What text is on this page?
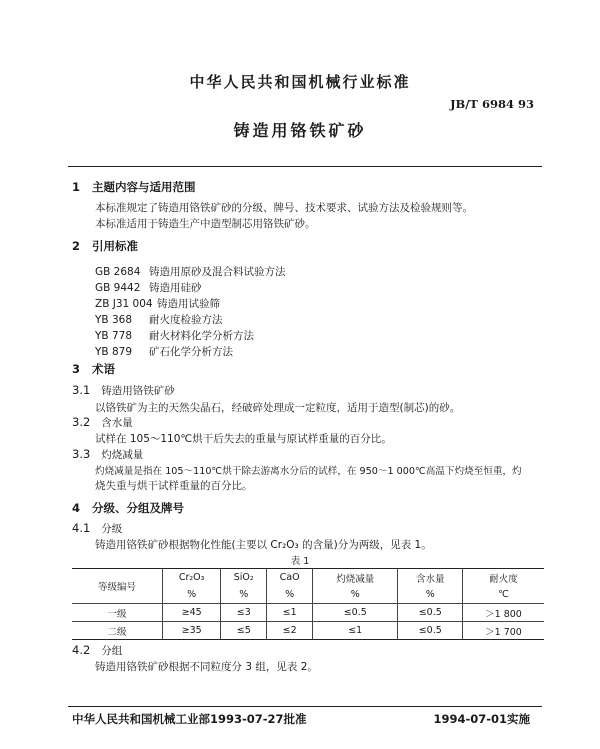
中华人民共和国机械行业标准
JB/T 6984 93
铸造用铬铁矿砂
1 主题内容与适用范围
本标准规定了铸造用铬铁矿砂的分级、牌号、技术要求、试验方法及检验规则等。
本标准适用于铸造生产中造型制芯用铬铁矿砂。
2 引用标准
GB 2684 铸造用原砂及混合料试验方法
GB 9442 铸造用硅砂
ZB J31 004 铸造用试验筛
YB 368 耐火度检验方法
YB 778 耐火材料化学分析方法
YB 879 矿石化学分析方法
3 术语
3.1 铸造用铬铁矿砂
以铬铁矿为主的天然尖晶石，经破碎处理成一定粒度，适用于造型(制芯)的砂。
3.2 含水量
试样在 105～110℃烘干后失去的重量与原试样重量的百分比。
3.3 灼烧减量
灼烧减量是指在 105～110℃烘干除去游离水分后的试样，在 950～1 000℃高温下灼烧至恒重，灼
烧失重与烘干试样重量的百分比。
4 分级、分组及牌号
4.1 分级
铸造用铬铁矿砂根据物化性能(主要以 Cr₂O₃ 的含量)分为两级，见表 1。
表 1
等级编号	Cr₂O₃	SiO₂	CaO	灼烧减量	含水量	耐火度
	%	%	%	%	%	℃
一级	≥45	≤3	≤1	≤0.5	≤0.5	＞1 800
二级	≥35	≤5	≤2	≤1	≤0.5	＞1 700
4.2 分组
铸造用铬铁矿砂根据不同粒度分 3 组，见表 2。
中华人民共和国机械工业部1993-07-27批准	1994-07-01实施
